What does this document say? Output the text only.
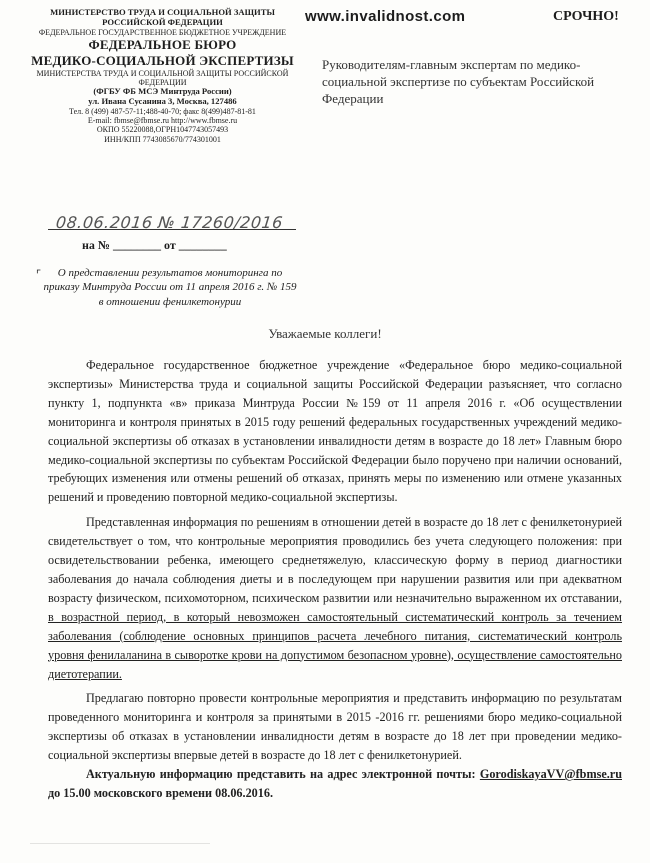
МИНИСТЕРСТВО ТРУДА И СОЦИАЛЬНОЙ ЗАЩИТЫ РОССИЙСКОЙ ФЕДЕРАЦИИ
ФЕДЕРАЛЬНОЕ ГОСУДАРСТВЕННОЕ БЮДЖЕТНОЕ УЧРЕЖДЕНИЕ
ФЕДЕРАЛЬНОЕ БЮРО
МЕДИКО-СОЦИАЛЬНОЙ ЭКСПЕРТИЗЫ
МИНИСТЕРСТВА ТРУДА И СОЦИАЛЬНОЙ ЗАЩИТЫ РОССИЙСКОЙ ФЕДЕРАЦИИ
(ФГБУ ФБ МСЭ Минтруда России)
ул. Ивана Сусанина 3, Москва, 127486
Тел. 8 (499) 487-57-11;488-40-70; факс 8(499)487-81-81
E-mail: fbmse@fbmse.ru http://www.fbmse.ru
ОКПО 55220088,ОГРН1047743057493
ИНН/КПП 7743085670/774301001
www.invalidnost.com	СРОЧНО!
Руководителям-главным экспертам по медико-социальной экспертизе по субъектам Российской Федерации
08.06.2016 № 17260/2016
на № ________ от ________
⌜ О представлении результатов мониторинга по приказу Минтруда России от 11 апреля 2016 г. № 159 в отношении фенилкетонурии
Уважаемые коллеги!

Федеральное государственное бюджетное учреждение «Федеральное бюро медико-социальной экспертизы» Министерства труда и социальной защиты Российской Федерации разъясняет, что согласно пункту 1, подпункта «в» приказа Минтруда России №159 от 11 апреля 2016 г. «Об осуществлении мониторинга и контроля принятых в 2015 году решений федеральных государственных учреждений медико-социальной экспертизы об отказах в установлении инвалидности детям в возрасте до 18 лет» Главным бюро медико-социальной экспертизы по субъектам Российской Федерации было поручено при наличии оснований, требующих изменения или отмены решений об отказах, принять меры по изменению или отмене указанных решений и проведению повторной медико-социальной экспертизы.

Представленная информация по решениям в отношении детей в возрасте до 18 лет с фенилкетонурией свидетельствует о том, что контрольные мероприятия проводились без учета следующего положения: при освидетельствовании ребенка, имеющего среднетяжелую, классическую форму в период диагностики заболевания до начала соблюдения диеты и в последующем при нарушении развития или при адекватном возрасту физическом, психомоторном, психическом развитии или незначительно выраженном их отставании, в возрастной период, в который невозможен самостоятельный систематический контроль за течением заболевания (соблюдение основных принципов расчета лечебного питания, систематический контроль уровня фенилаланина в сыворотке крови на допустимом безопасном уровне), осуществление самостоятельно диетотерапии.

Предлагаю повторно провести контрольные мероприятия и представить информацию по результатам проведенного мониторинга и контроля за принятыми в 2015 -2016 гг. решениями бюро медико-социальной экспертизы об отказах в установлении инвалидности детям в возрасте до 18 лет при проведении медико-социальной экспертизы впервые детей в возрасте до 18 лет с фенилкетонурией.

Актуальную информацию представить на адрес электронной почты: GorodiskayaVV@fbmse.ru до 15.00 московского времени 08.06.2016.
